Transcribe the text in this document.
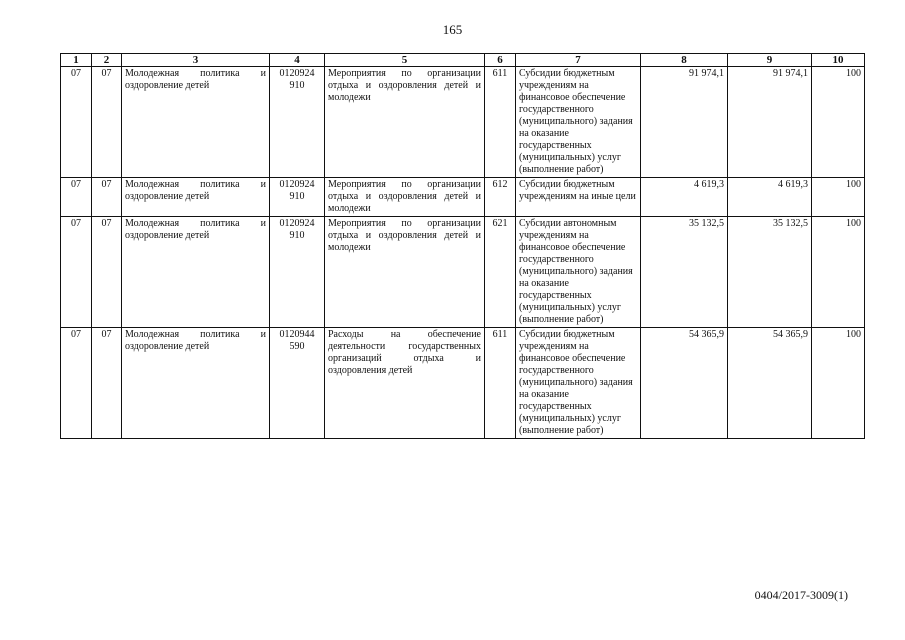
165
1	2	3	4	5	6	7	8	9	10
07	07	Молодежная политика и оздоровление детей	0120924 910	Мероприятия по организации отдыха и оздоровления детей и молодежи	611	Субсидии бюджетным учреждениям на финансовое обеспечение государственного (муниципального) задания на оказание государственных (муниципальных) услуг (выполнение работ)	91 974,1	91 974,1	100
07	07	Молодежная политика и оздоровление детей	0120924 910	Мероприятия по организации отдыха и оздоровления детей и молодежи	612	Субсидии бюджетным учреждениям на иные цели	4 619,3	4 619,3	100
07	07	Молодежная политика и оздоровление детей	0120924 910	Мероприятия по организации отдыха и оздоровления детей и молодежи	621	Субсидии автономным учреждениям на финансовое обеспечение государственного (муниципального) задания на оказание государственных (муниципальных) услуг (выполнение работ)	35 132,5	35 132,5	100
07	07	Молодежная политика и оздоровление детей	0120944 590	Расходы на обеспечение деятельности государственных организаций отдыха и оздоровления детей	611	Субсидии бюджетным учреждениям на финансовое обеспечение государственного (муниципального) задания на оказание государственных (муниципальных) услуг (выполнение работ)	54 365,9	54 365,9	100
0404/2017-3009(1)
